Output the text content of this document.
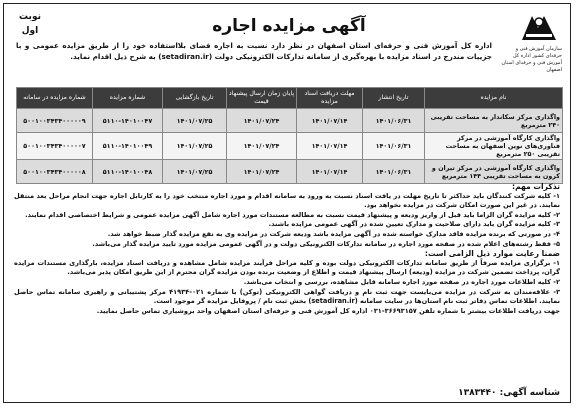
نوبت اول	آگهی مزایده اجاره
سازمان آموزش فنی و حرفه‌ای کشور اداره کل آموزش فنی و حرفه‌ای استان اصفهان
اداره کل آموزش فنی و حرفه‌ای استان اصفهان در نظر دارد نسبت به اجاره فضای بلااستفاده خود را از طریق مزایده عمومی و با جزییات مندرج در اسناد مزایده با بهره‌گیری از سامانه تدارکات الکترونیکی دولت (setadiran.ir) به شرح ذیل اقدام نماید.
نام مزایده	تاریخ انتشار	مهلت دریافت اسناد مزایده	پایان زمان ارسال پیشنهاد قیمت	تاریخ بازگشایی	شماره مزایده	شماره مزایده در سامانه
واگذاری مرکز سکاندار به مساحت تقریبی ۲۴۰ مترمربع	۱۴۰۱/۰۶/۳۱	۱۴۰۱/۰۷/۱۴	۱۴۰۱/۰۷/۲۴	۱۴۰۱/۰۷/۲۵	۵۱۱۰-۱۴۰۱۰۰۴۷	۵۰۰۱۰۰۳۴۳۴۰۰۰۰۰۹
واگذاری کارگاه آموزشی در مرکز فناوری‌های نوین اصفهان به مساحت تقریبی ۲۵۰ مترمربع	۱۴۰۱/۰۶/۳۱	۱۴۰۱/۰۷/۱۴	۱۴۰۱/۰۷/۲۴	۱۴۰۱/۰۷/۲۵	۵۱۱۰-۱۴۰۱۰۰۴۹	۵۰۰۱۰۰۳۴۳۴۰۰۰۰۰۷
واگذاری کارگاه آموزشی در مرکز تیران و کرون به مساحت تقریبی ۱۴۴ مترمربع	۱۴۰۱/۰۶/۳۱	۱۴۰۱/۰۷/۱۴	۱۴۰۱/۰۷/۲۴	۱۴۰۱/۰۷/۲۵	۵۱۱۰-۱۴۰۱۰۰۴۸	۵۰۰۱۰۰۳۴۳۴۰۰۰۰۰۸
تذکرات مهم:
۱- کلیه شرکت کنندگان باید حداکثر تا تاریخ مهلت در یافت اسناد نسبت به ورود به سامانه اقدام و مورد اجاره منتخب خود را به کارتابل اجاره جهت انجام مراحل بعد منتقل نمایند. در غیر این صورت امکان شرکت در مزایده نخواهد بود.
۲- کلیه مزایده گران الزاما باید قبل از واریز ودیعه و پیشنهاد قیمت نسبت به مطالعه مستندات مورد اجاره شامل آگهی مزایده عمومی و شرایط اختصاصی اقدام نمایند.
۳- کلیه مزایده گران باید دارای صلاحیت و مدارک تعیین شده در آگهی عمومی مزایده باشند.
۴- در صورتی که برنده مزایده فاقد مدارک خواسته شده در آگهی مزایده باشد ودیعه شرکت در مزایده وی به نفع مزایده گذار ضبط خواهد شد.
۵- فقط رشته‌های اعلام شده در صفحه مورد اجاره در سامانه تدارکات الکترونیکی دولت و در آگهی عمومی مزایده مورد تایید مزایده گذار می‌باشد.
ضمنا رعایت موارد ذیل الزامی است:
۱- برگزاری مزایده صرفاً از طریق سامانه تدارکات الکترونیکی دولت بوده و کلیه مراحل فرآیند مزایده شامل مشاهده و دریافت اسناد مزایده، بارگذاری مستندات مزایده گران، پرداخت تضمین شرکت در مزایده (ودیعه) ارسال پیشنهاد قیمت و اطلاع از وضعیت برنده بودن مزایده گران محترم از این طریق امکان پذیر می‌باشد.
۲- کلیه اطلاعات مورد اجاره در صفحه مورد اجاره سامانه قابل مشاهده، بررسی و انتخاب می‌باشد.
۳- علاقه‌مندان به شرکت در مزایده می‌بایست جهت ثبت نام و دریافت گواهی الکترونیکی (توکن) با شماره ۰۲۱-۴۱۹۳۴ مرکز پشتیبانی و راهبری سامانه تماس حاصل نمایند. اطلاعات تماس دفاتر ثبت نام استان‌ها در سایت سامانه (setadiran.ir) بخش ثبت نام / پروفایل مزایده گر موجود است.
جهت دریافت اطلاعات بیشتر با شماره تلفن ۳۶۶۹۳۱۵۷-۰۳۱ اداره کل آموزش فنی و حرفه‌ای استان اصفهان واحد بروشیاری تماس حاصل نمایید.
شناسه آگهی: ۱۳۸۳۴۴۰
